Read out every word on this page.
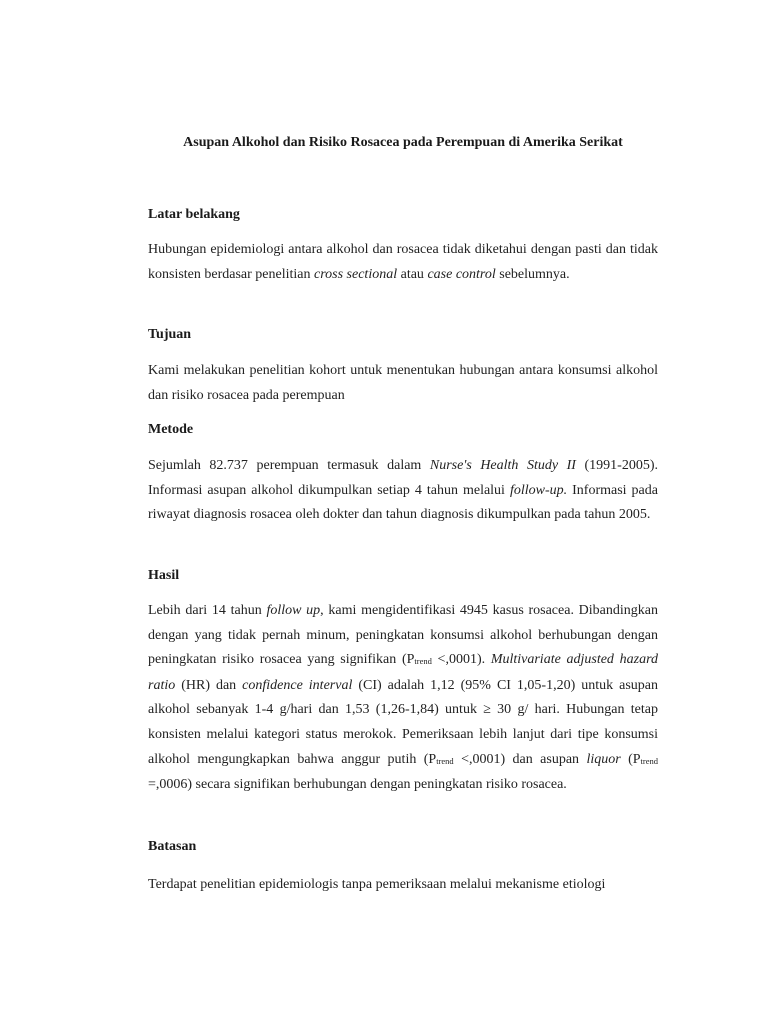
Asupan Alkohol dan Risiko Rosacea pada Perempuan di Amerika Serikat
Latar belakang

Hubungan epidemiologi antara alkohol dan rosacea tidak diketahui dengan pasti dan tidak konsisten berdasar penelitian cross sectional atau case control sebelumnya.

Tujuan

Kami melakukan penelitian kohort untuk menentukan hubungan antara konsumsi alkohol dan risiko rosacea pada perempuan

Metode

Sejumlah 82.737 perempuan termasuk dalam Nurse's Health Study II (1991-2005). Informasi asupan alkohol dikumpulkan setiap 4 tahun melalui follow-up. Informasi pada riwayat diagnosis rosacea oleh dokter dan tahun diagnosis dikumpulkan pada tahun 2005.

Hasil

Lebih dari 14 tahun follow up, kami mengidentifikasi 4945 kasus rosacea. Dibandingkan dengan yang tidak pernah minum, peningkatan konsumsi alkohol berhubungan dengan peningkatan risiko rosacea yang signifikan (Ptrend <,0001). Multivariate adjusted hazard ratio (HR) dan confidence interval (CI) adalah 1,12 (95% CI 1,05-1,20) untuk asupan alkohol sebanyak 1-4 g/hari dan 1,53 (1,26-1,84) untuk ≥ 30 g/ hari. Hubungan tetap konsisten melalui kategori status merokok. Pemeriksaan lebih lanjut dari tipe konsumsi alkohol mengungkapkan bahwa anggur putih (Ptrend <,0001) dan asupan liquor (Ptrend =,0006) secara signifikan berhubungan dengan peningkatan risiko rosacea.

Batasan

Terdapat penelitian epidemiologis tanpa pemeriksaan melalui mekanisme etiologi
